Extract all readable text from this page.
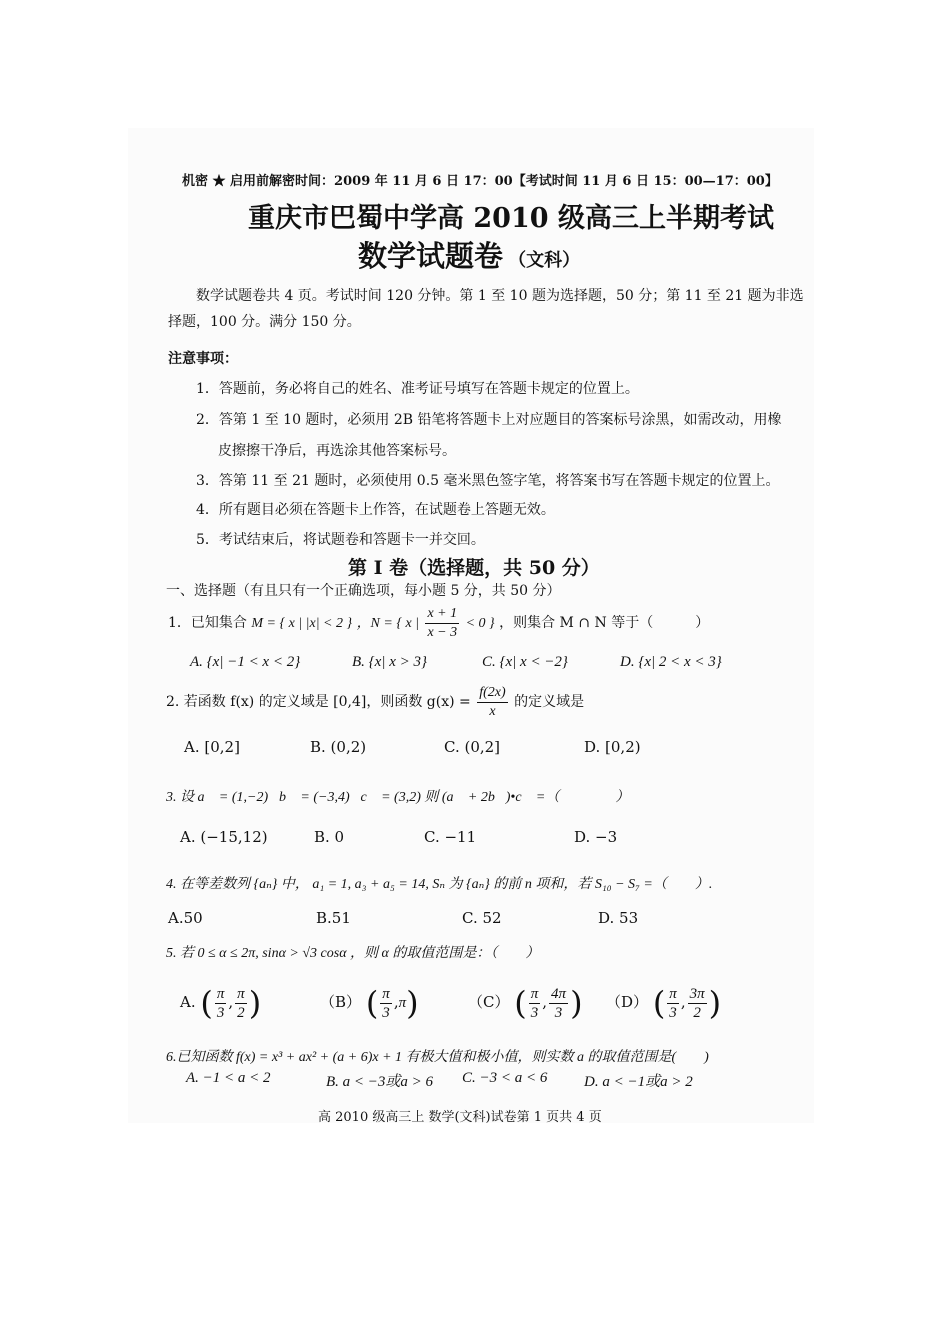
机密 ★ 启用前解密时间：2009 年 11 月 6 日 17：00【考试时间 11 月 6 日 15：00—17：00】
重庆市巴蜀中学高 2010 级高三上半期考试
数学试题卷 （文科）
数学试题卷共 4 页。考试时间 120 分钟。第 1 至 10 题为选择题，50 分；第 11 至 21 题为非选
择题，100 分。满分 150 分。
注意事项：
1．答题前，务必将自己的姓名、准考证号填写在答题卡规定的位置上。
2．答第 1 至 10 题时，必须用 2B 铅笔将答题卡上对应题目的答案标号涂黑，如需改动，用橡
皮擦擦干净后，再选涂其他答案标号。
3．答第 11 至 21 题时，必须使用 0.5 毫米黑色签字笔，将答案书写在答题卡规定的位置上。
4．所有题目必须在答题卡上作答，在试题卷上答题无效。
5．考试结束后，将试题卷和答题卡一并交回。
第 I 卷（选择题，共 50 分）
一、选择题（有且只有一个正确选项，每小题 5 分，共 50 分）
1．已知集合 M = { x | |x| < 2 } ，N = { x | $\frac{x + 1}{x - 3} < 0$ } ，则集合 M ∩ N 等于（　　　）
A. {x| −1 < x < 2}	B. {x| x > 3}	C. {x| x < −2}	D. {x| 2 < x < 3}
2. 若函数 f(x) 的定义域是 [0,4]，则函数 $g(x) = \frac{f(2x)}{x}$ 的定义域是
A. [0,2]	B. (0,2)	C. (0,2]	D. [0,2)
3. 设 a⃗ = (1,−2)，b⃗ = (−3,4)，c⃗ = (3,2) 则 (a⃗ + 2b⃗)•c⃗ =（　　　　）
A. (−15,12)	B. 0	C. −11	D. −3
4. 在等差数列 {aₙ} 中， a₁ = 1, a₃ + a₅ = 14, Sₙ 为 {aₙ} 的前 n 项和，若 S₁₀ − S₇ =（　　）.
A.50	B.51	C. 52	D. 53
5. 若 0 ≤ α ≤ 2π, sinα > √3 cosα ，则 α 的取值范围是：（　　）
A. ( $\frac{\pi}{3}$ , $\frac{\pi}{2}$ )	（B） ( $\frac{\pi}{3} ,\pi$)	（C） ( $\frac{\pi}{3}$ , $\frac{4\pi}{3}$ ) （D） ( $\frac{\pi}{3}$ , $\frac{3\pi}{2}$ )
6.已知函数 f(x) = x³ + ax² + (a + 6)x + 1 有极大值和极小值，则实数 a 的取值范围是(　　)
A. −1 < a < 2	B. a < −3或a > 6 C. −3 < a < 6 D. a < −1或a > 2
高 2010 级高三上 数学(文科)试卷第 1 页共 4 页
